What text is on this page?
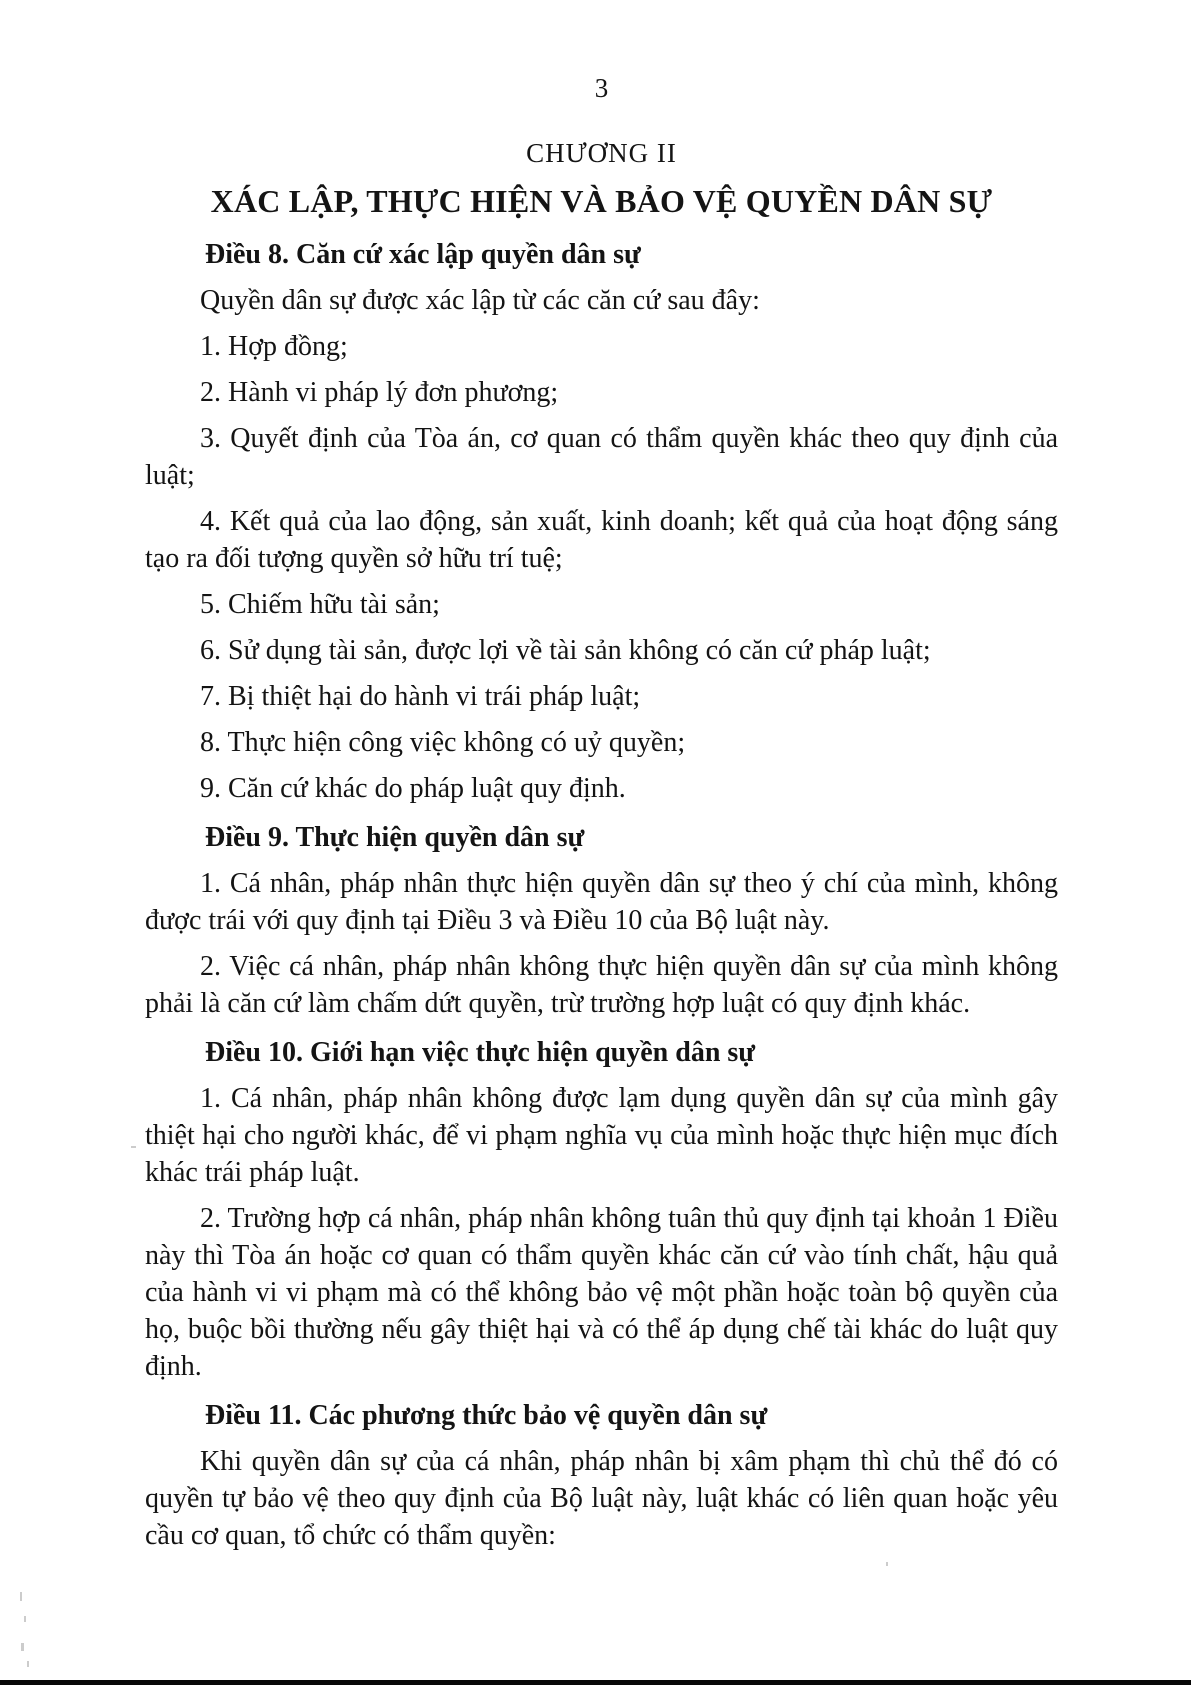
3
CHƯƠNG II
XÁC LẬP, THỰC HIỆN VÀ BẢO VỆ QUYỀN DÂN SỰ
Điều 8. Căn cứ xác lập quyền dân sự

Quyền dân sự được xác lập từ các căn cứ sau đây:

1. Hợp đồng;

2. Hành vi pháp lý đơn phương;

3. Quyết định của Tòa án, cơ quan có thẩm quyền khác theo quy định của luật;

4. Kết quả của lao động, sản xuất, kinh doanh; kết quả của hoạt động sáng tạo ra đối tượng quyền sở hữu trí tuệ;

5. Chiếm hữu tài sản;

6. Sử dụng tài sản, được lợi về tài sản không có căn cứ pháp luật;

7. Bị thiệt hại do hành vi trái pháp luật;

8. Thực hiện công việc không có uỷ quyền;

9. Căn cứ khác do pháp luật quy định.

Điều 9. Thực hiện quyền dân sự

1. Cá nhân, pháp nhân thực hiện quyền dân sự theo ý chí của mình, không được trái với quy định tại Điều 3 và Điều 10 của Bộ luật này.

2. Việc cá nhân, pháp nhân không thực hiện quyền dân sự của mình không phải là căn cứ làm chấm dứt quyền, trừ trường hợp luật có quy định khác.

Điều 10. Giới hạn việc thực hiện quyền dân sự

1. Cá nhân, pháp nhân không được lạm dụng quyền dân sự của mình gây thiệt hại cho người khác, để vi phạm nghĩa vụ của mình hoặc thực hiện mục đích khác trái pháp luật.

2. Trường hợp cá nhân, pháp nhân không tuân thủ quy định tại khoản 1 Điều này thì Tòa án hoặc cơ quan có thẩm quyền khác căn cứ vào tính chất, hậu quả của hành vi vi phạm mà có thể không bảo vệ một phần hoặc toàn bộ quyền của họ, buộc bồi thường nếu gây thiệt hại và có thể áp dụng chế tài khác do luật quy định.

Điều 11. Các phương thức bảo vệ quyền dân sự

Khi quyền dân sự của cá nhân, pháp nhân bị xâm phạm thì chủ thể đó có quyền tự bảo vệ theo quy định của Bộ luật này, luật khác có liên quan hoặc yêu cầu cơ quan, tổ chức có thẩm quyền:
